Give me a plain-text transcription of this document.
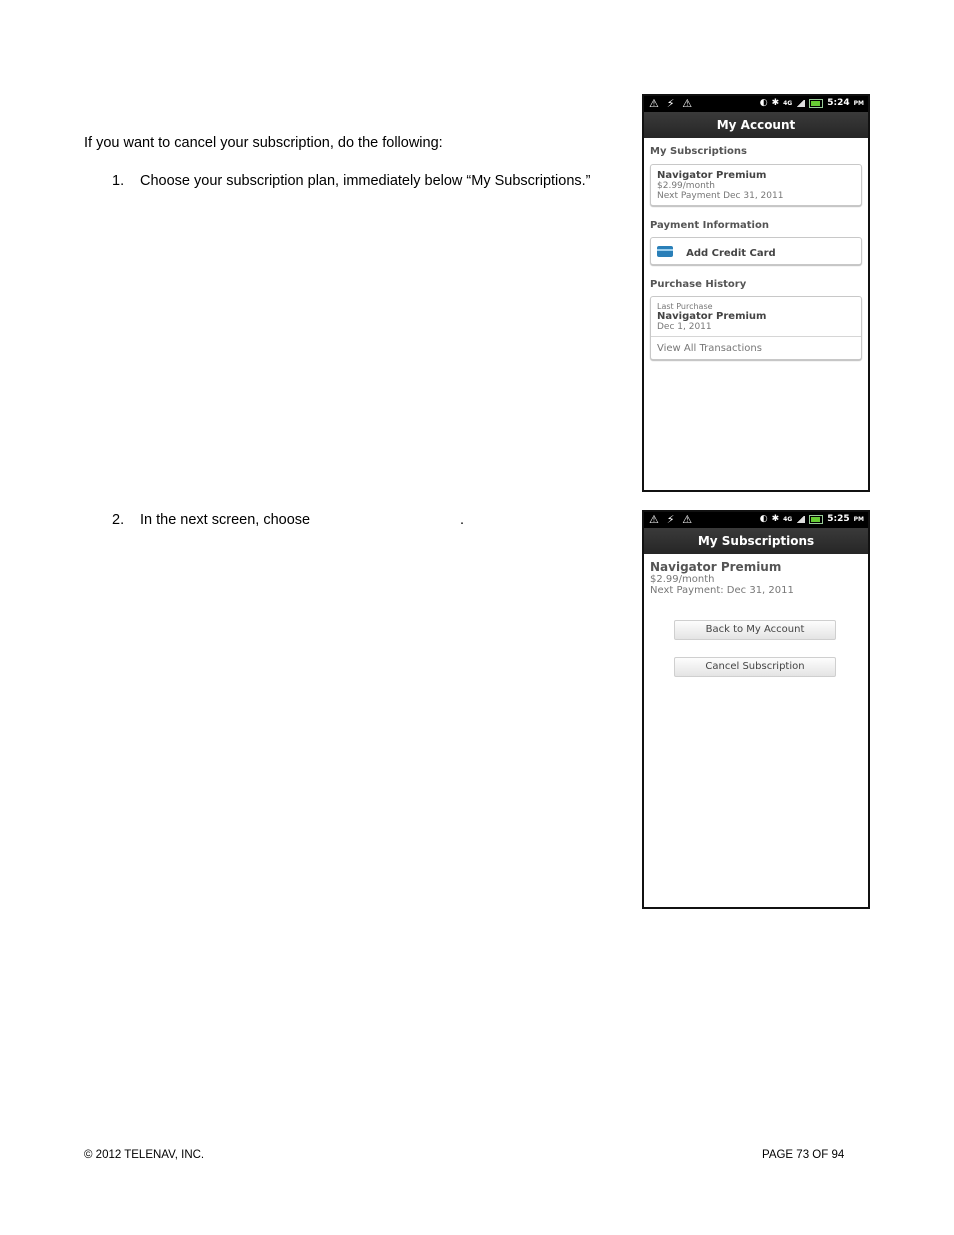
If you want to cancel your subscription, do the following:
1. Choose your subscription plan, immediately below “My Subscriptions.”
2. In the next screen, choose	.
⚠ ⚡ ⚠	◐ ✱ 4G	5:24 PM
My Account
My Subscriptions
Navigator Premium
$2.99/month
Next Payment Dec 31, 2011
Payment Information
Add Credit Card
Purchase History
Last Purchase
Navigator Premium
Dec 1, 2011
View All Transactions
⚠ ⚡ ⚠	◐ ✱ 4G	5:25 PM
My Subscriptions
Navigator Premium
$2.99/month
Next Payment: Dec 31, 2011
Back to My Account
Cancel Subscription
© 2012 TELENAV, INC.	PAGE 73 OF 94
